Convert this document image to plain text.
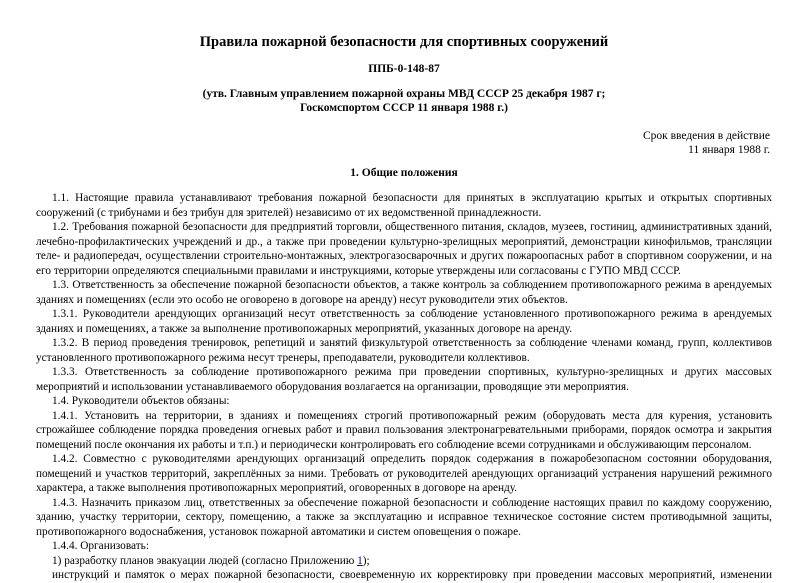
Правила пожарной безопасности для спортивных сооружений
ППБ-0-148-87
(утв. Главным управлением пожарной охраны МВД СССР 25 декабря 1987 г;
Госкомспортом СССР 11 января 1988 г.)
Срок введения в действие
11 января 1988 г.
1. Общие положения

1.1. Настоящие правила устанавливают требования пожарной безопасности для принятых в эксплуатацию крытых и открытых спортивных сооружений (с трибунами и без трибун для зрителей) независимо от их ведомственной принадлежности.

1.2. Требования пожарной безопасности для предприятий торговли, общественного питания, складов, музеев, гостиниц, административных зданий, лечебно-профилактических учреждений и др., а также при проведении культурно-зрелищных мероприятий, демонстрации кинофильмов, трансляции теле- и радиопередач, осуществлении строительно-монтажных, электрогазосварочных и других пожароопасных работ в спортивном сооружении, и на его территории определяются специальными правилами и инструкциями, которые утверждены или согласованы с ГУПО МВД СССР.

1.3. Ответственность за обеспечение пожарной безопасности объектов, а также контроль за соблюдением противопожарного режима в арендуемых зданиях и помещениях (если это особо не оговорено в договоре на аренду) несут руководители этих объектов.

1.3.1. Руководители арендующих организаций несут ответственность за соблюдение установленного противопожарного режима в арендуемых зданиях и помещениях, а также за выполнение противопожарных мероприятий, указанных договоре на аренду.

1.3.2. В период проведения тренировок, репетиций и занятий физкультурой ответственность за соблюдение членами команд, групп, коллективов установленного противопожарного режима несут тренеры, преподаватели, руководители коллективов.

1.3.3. Ответственность за соблюдение противопожарного режима при проведении спортивных, культурно-зрелищных и других массовых мероприятий и использовании устанавливаемого оборудования возлагается на организации, проводящие эти мероприятия.

1.4. Руководители объектов обязаны:

1.4.1. Установить на территории, в зданиях и помещениях строгий противопожарный режим (оборудовать места для курения, установить строжайшее соблюдение порядка проведения огневых работ и правил пользования электронагревательными приборами, порядок осмотра и закрытия помещений после окончания их работы и т.п.) и периодически контролировать его соблюдение всеми сотрудниками и обслуживающим персоналом.

1.4.2. Совместно с руководителями арендующих организаций определить порядок содержания в пожаробезопасном состоянии оборудования, помещений и участков территорий, закреплённых за ними. Требовать от руководителей арендующих организаций устранения нарушений режимного характера, а также выполнения противопожарных мероприятий, оговоренных в договоре на аренду.

1.4.3. Назначить приказом лиц, ответственных за обеспечение пожарной безопасности и соблюдение настоящих правил по каждому сооружению, зданию, участку территории, сектору, помещению, а также за эксплуатацию и исправное техническое состояние систем противодымной защиты, противопожарного водоснабжения, установок пожарной автоматики и систем оповещения о пожаре.

1.4.4. Организовать:

1) разработку планов эвакуации людей (согласно Приложению 1);

инструкций и памяток о мерах пожарной безопасности, своевременную их корректировку при проведении массовых мероприятий, изменении
